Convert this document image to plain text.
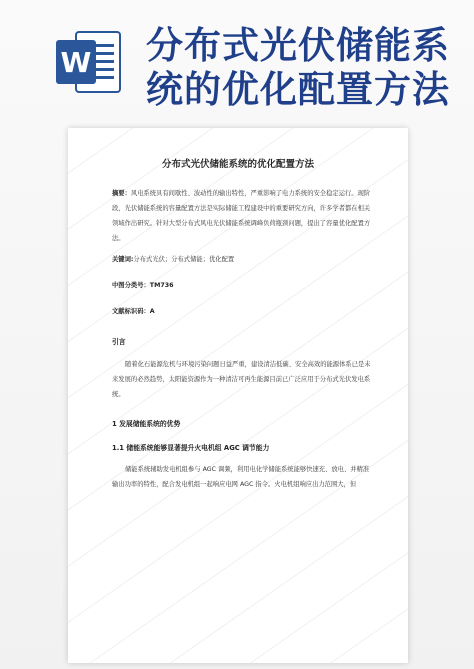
W 分布式光伏储能系
统的优化配置方法
分布式光伏储能系统的优化配置方法
摘要：风电系统具有间歇性、波动性的输出特性，严重影响了电力系统的安全稳定运行。现阶段，光伏储能系统的容量配置方法是实际储能工程建设中的重要研究方向，许多学者都在相关领域作出研究。针对大型分布式风电光伏储能系统调峰负荷瓶颈问题，提出了容量优化配置方法。
关键词:分布式光伏；分布式储能；优化配置
中图分类号：TM736
文献标识码：A
引言
随着化石能源危机与环境污染问题日益严重，建设清洁低碳、安全高效的能源体系已是未来发展的必然趋势，太阳能资源作为一种清洁可再生能源目前已广泛应用于分布式光伏发电系统。
1 发展储能系统的优势
1.1 储能系统能够显著提升火电机组 AGC 调节能力
储能系统辅助发电机组参与 AGC 调频，利用电化学储能系统能够快速充、放电、并精准输出功率的特性，配合发电机组一起响应电网 AGC 指令。火电机组响应出力范围大，但
